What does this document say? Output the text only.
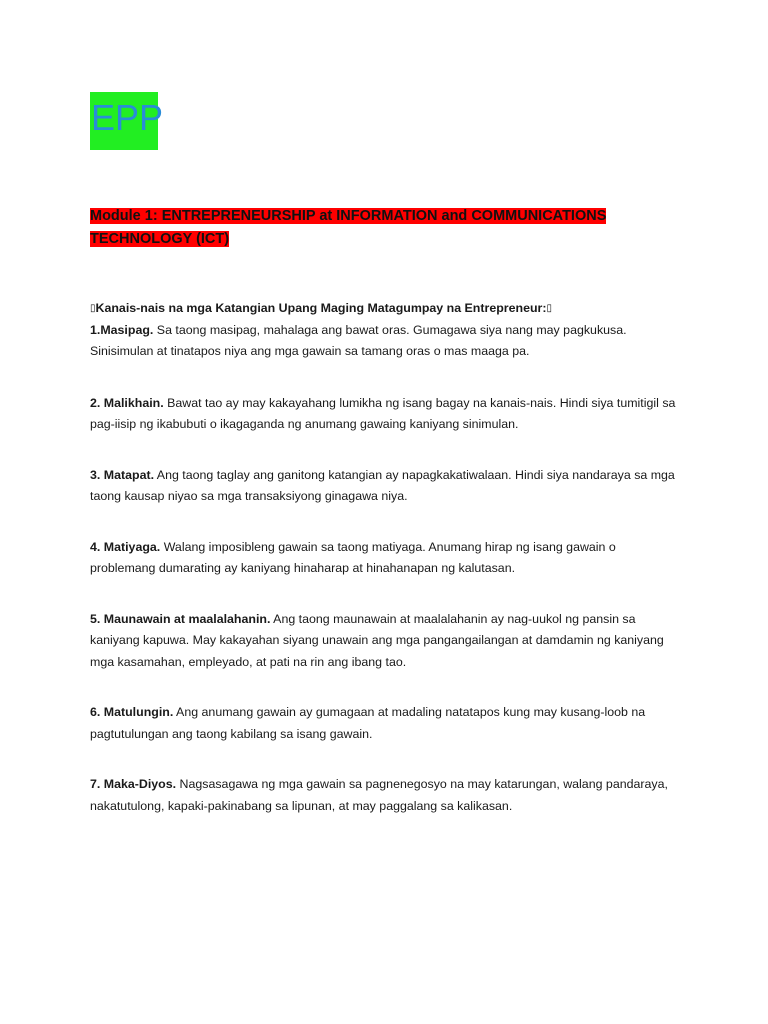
EPP
Module 1: ENTREPRENEURSHIP at INFORMATION and COMMUNICATIONS TECHNOLOGY (ICT)

▯Kanais-nais na mga Katangian Upang Maging Matagumpay na Entrepreneur:▯
1.Masipag. Sa taong masipag, mahalaga ang bawat oras. Gumagawa siya nang may pagkukusa. Sinisimulan at tinatapos niya ang mga gawain sa tamang oras o mas maaga pa.

2. Malikhain. Bawat tao ay may kakayahang lumikha ng isang bagay na kanais-nais. Hindi siya tumitigil sa pag-iisip ng ikabubuti o ikagaganda ng anumang gawaing kaniyang sinimulan.

3. Matapat. Ang taong taglay ang ganitong katangian ay napagkakatiwalaan. Hindi siya nandaraya sa mga taong kausap niyao sa mga transaksiyong ginagawa niya.

4. Matiyaga. Walang imposibleng gawain sa taong matiyaga. Anumang hirap ng isang gawain o problemang dumarating ay kaniyang hinaharap at hinahanapan ng kalutasan.

5. Maunawain at maalalahanin. Ang taong maunawain at maalalahanin ay nag-uukol ng pansin sa kaniyang kapuwa. May kakayahan siyang unawain ang mga pangangailangan at damdamin ng kaniyang mga kasamahan, empleyado, at pati na rin ang ibang tao.

6. Matulungin. Ang anumang gawain ay gumagaan at madaling natatapos kung may kusang-loob na pagtutulungan ang taong kabilang sa isang gawain.

7. Maka-Diyos. Nagsasagawa ng mga gawain sa pagnenegosyo na may katarungan, walang pandaraya, nakatutulong, kapaki-pakinabang sa lipunan, at may paggalang sa kalikasan.
